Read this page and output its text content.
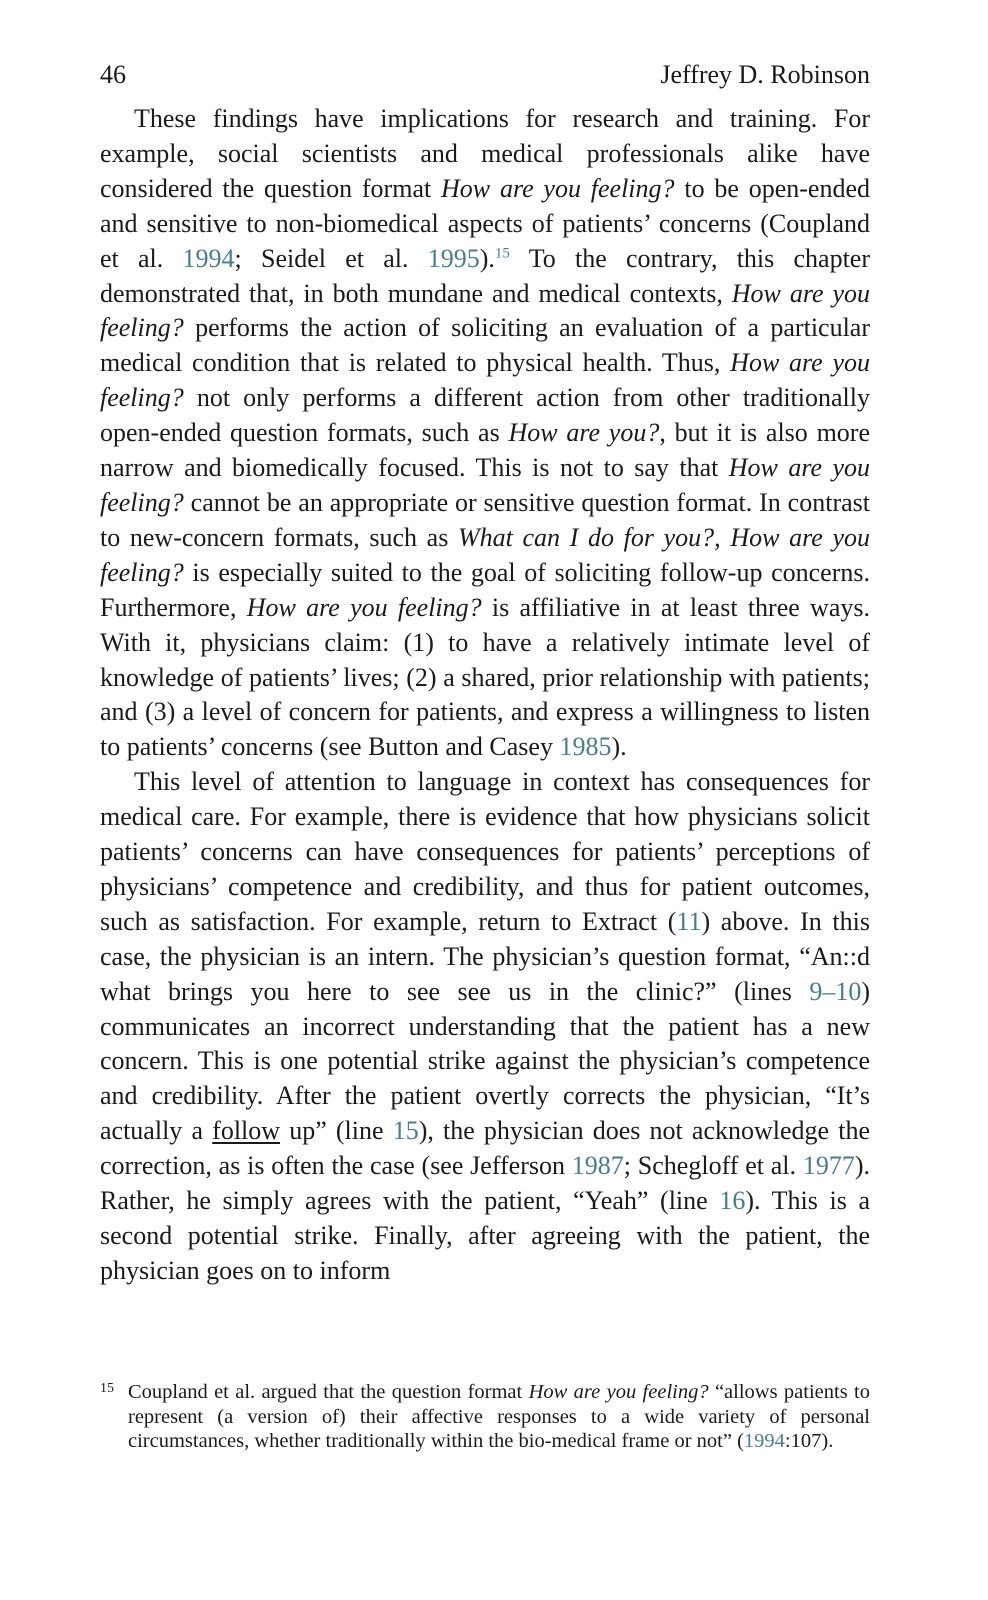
46	Jeffrey D. Robinson

These findings have implications for research and training. For example, social scientists and medical professionals alike have considered the question format How are you feeling? to be open-ended and sensitive to non-biomedical aspects of patients’ concerns (Coupland et al. 1994; Seidel et al. 1995).$^{15}$ To the contrary, this chapter demonstrated that, in both mundane and medical contexts, How are you feeling? performs the action of soliciting an evaluation of a particular medical condition that is related to physical health. Thus, How are you feeling? not only performs a different action from other traditionally open-ended question formats, such as How are you?, but it is also more narrow and biomedically focused. This is not to say that How are you feeling? cannot be an appropriate or sensitive question format. In contrast to new-concern formats, such as What can I do for you?, How are you feeling? is especially suited to the goal of soliciting follow-up concerns. Furthermore, How are you feeling? is affiliative in at least three ways. With it, physicians claim: (1) to have a relatively intimate level of knowledge of patients’ lives; (2) a shared, prior relationship with patients; and (3) a level of concern for patients, and express a willingness to listen to patients’ concerns (see Button and Casey 1985).

This level of attention to language in context has consequences for medical care. For example, there is evidence that how physicians solicit patients’ concerns can have consequences for patients’ perceptions of physicians’ competence and credibility, and thus for patient outcomes, such as satisfaction. For example, return to Extract (11) above. In this case, the physician is an intern. The physician’s question format, “An::d what brings you here to see see us in the clinic?” (lines 9–10) communicates an incorrect understanding that the patient has a new concern. This is one potential strike against the physician’s competence and credibility. After the patient overtly corrects the physician, “It’s actually a follow up” (line 15), the physician does not acknowledge the correction, as is often the case (see Jefferson 1987; Schegloff et al. 1977). Rather, he simply agrees with the patient, “Yeah” (line 16). This is a second potential strike. Finally, after agreeing with the patient, the physician goes on to inform

15 Coupland et al. argued that the question format How are you feeling? “allows patients to represent (a version of) their affective responses to a wide variety of personal circumstances, whether traditionally within the bio-medical frame or not” (1994:107).
